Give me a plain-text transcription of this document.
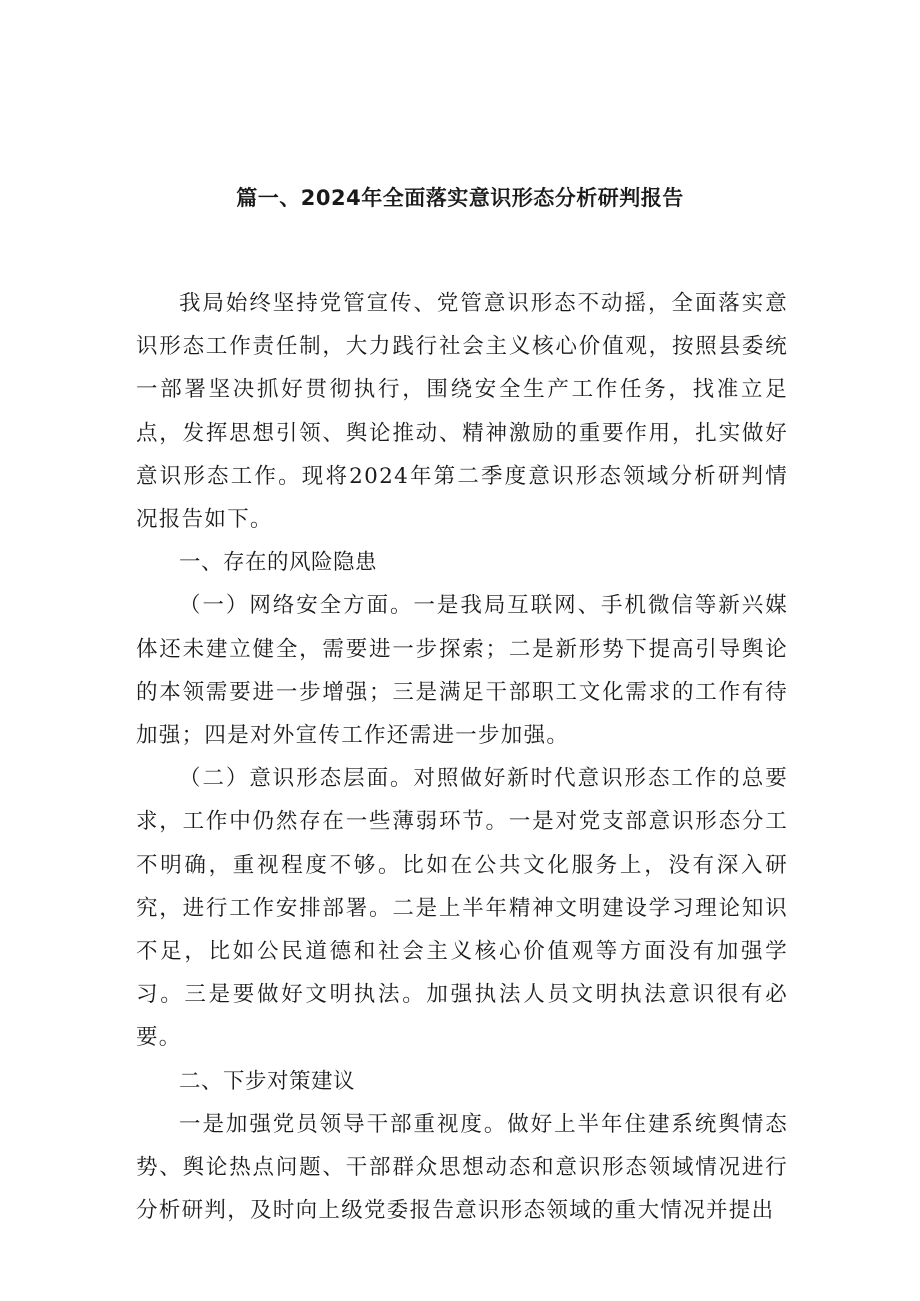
篇一、2024年全面落实意识形态分析研判报告

我局始终坚持党管宣传、党管意识形态不动摇，全面落实意识形态工作责任制，大力践行社会主义核心价值观，按照县委统一部署坚决抓好贯彻执行，围绕安全生产工作任务，找准立足点，发挥思想引领、舆论推动、精神激励的重要作用，扎实做好意识形态工作。现将2024年第二季度意识形态领域分析研判情况报告如下。

一、存在的风险隐患

（一）网络安全方面。一是我局互联网、手机微信等新兴媒体还未建立健全，需要进一步探索；二是新形势下提高引导舆论的本领需要进一步增强；三是满足干部职工文化需求的工作有待加强；四是对外宣传工作还需进一步加强。

（二）意识形态层面。对照做好新时代意识形态工作的总要求，工作中仍然存在一些薄弱环节。一是对党支部意识形态分工不明确，重视程度不够。比如在公共文化服务上，没有深入研究，进行工作安排部署。二是上半年精神文明建设学习理论知识不足，比如公民道德和社会主义核心价值观等方面没有加强学习。三是要做好文明执法。加强执法人员文明执法意识很有必要。

二、下步对策建议

一是加强党员领导干部重视度。做好上半年住建系统舆情态势、舆论热点问题、干部群众思想动态和意识形态领域情况进行分析研判，及时向上级党委报告意识形态领域的重大情况并提出
